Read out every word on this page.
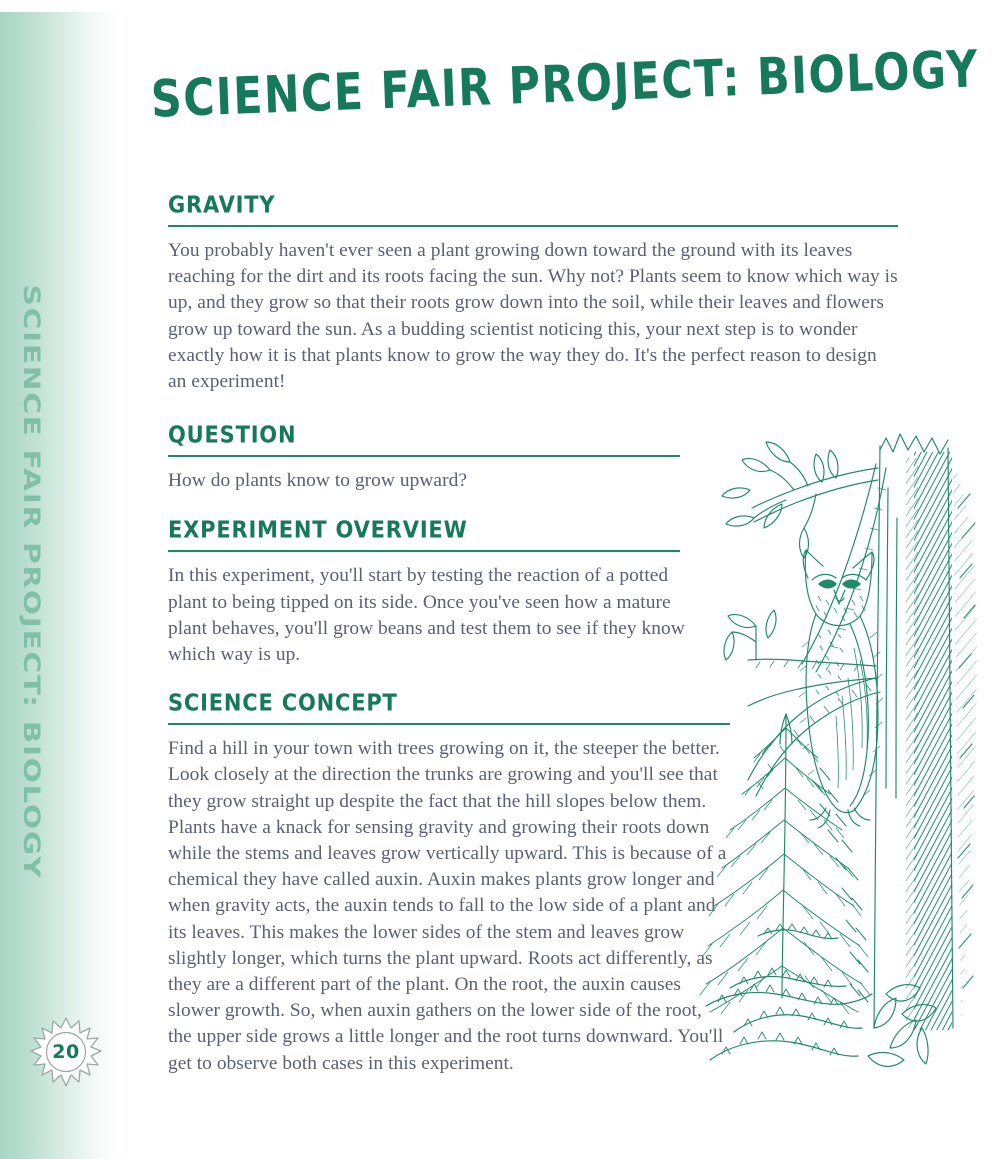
SCIENCE FAIR PROJECT: BIOLOGY
20
SCIENCE FAIR PROJECT: BIOLOGY
GRAVITY

You probably haven't ever seen a plant growing down toward the ground with its leaves reaching for the dirt and its roots facing the sun. Why not? Plants seem to know which way is up, and they grow so that their roots grow down into the soil, while their leaves and flowers grow up toward the sun. As a budding scientist noticing this, your next step is to wonder exactly how it is that plants know to grow the way they do. It's the perfect reason to design an experiment!

QUESTION

How do plants know to grow upward?

EXPERIMENT OVERVIEW

In this experiment, you'll start by testing the reaction of a potted plant to being tipped on its side. Once you've seen how a mature plant behaves, you'll grow beans and test them to see if they know which way is up.

SCIENCE CONCEPT

Find a hill in your town with trees growing on it, the steeper the better. Look closely at the direction the trunks are growing and you'll see that they grow straight up despite the fact that the hill slopes below them. Plants have a knack for sensing gravity and growing their roots down while the stems and leaves grow vertically upward. This is because of a chemical they have called auxin. Auxin makes plants grow longer and when gravity acts, the auxin tends to fall to the low side of a plant and its leaves. This makes the lower sides of the stem and leaves grow slightly longer, which turns the plant upward. Roots act differently, as they are a different part of the plant. On the root, the auxin causes slower growth. So, when auxin gathers on the lower side of the root, the upper side grows a little longer and the root turns downward. You'll get to observe both cases in this experiment.
